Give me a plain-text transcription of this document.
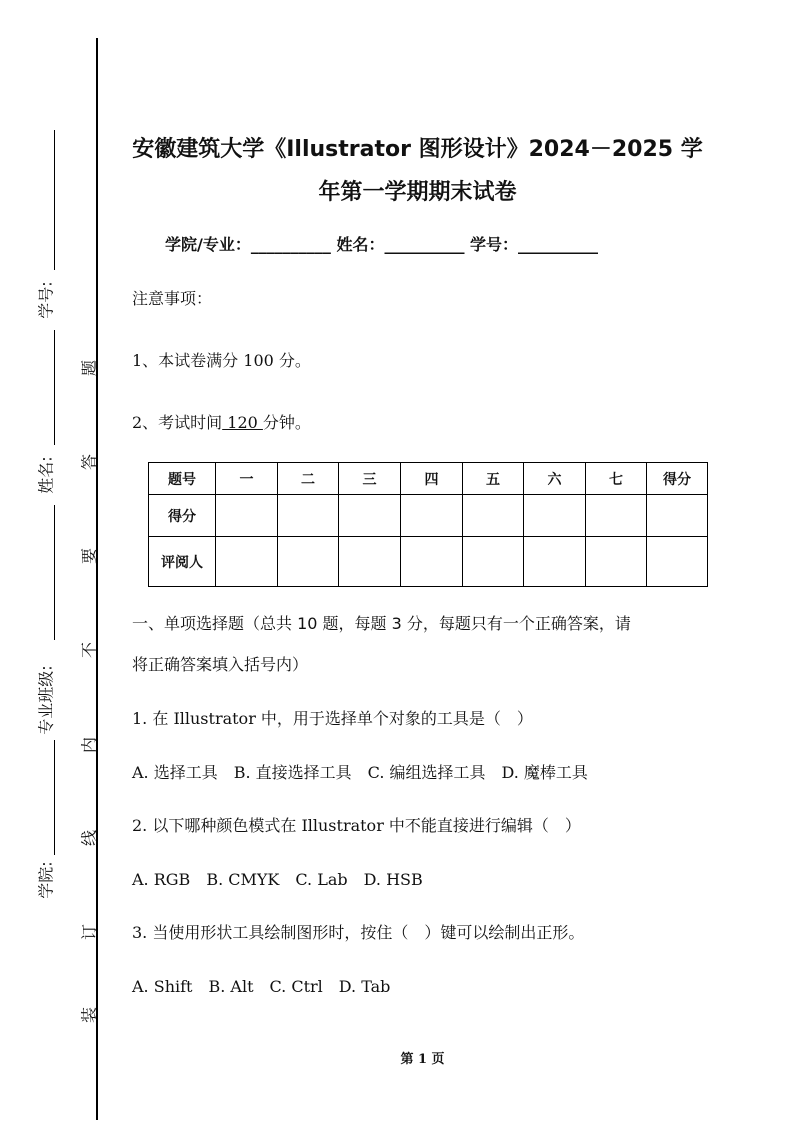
学号:
姓名:
专业班级:
学院:
题
答
要
不
内
线
订
装
安徽建筑大学《Illustrator 图形设计》2024－2025 学
年第一学期期末试卷
学院/专业：__________ 姓名：__________ 学号：__________
注意事项：
1、本试卷满分 100 分。
2、考试时间 120 分钟。
题号	一	二	三	四	五	六	七	得分
得分								
评阅人								
一、单项选择题（总共 10 题，每题 3 分，每题只有一个正确答案，请
将正确答案填入括号内）
1. 在 Illustrator 中，用于选择单个对象的工具是（　）
A. 选择工具　B. 直接选择工具　C. 编组选择工具　D. 魔棒工具
2. 以下哪种颜色模式在 Illustrator 中不能直接进行编辑（　）
A. RGB　B. CMYK　C. Lab　D. HSB
3. 当使用形状工具绘制图形时，按住（　）键可以绘制出正形。
A. Shift　B. Alt　C. Ctrl　D. Tab
第 1 页
